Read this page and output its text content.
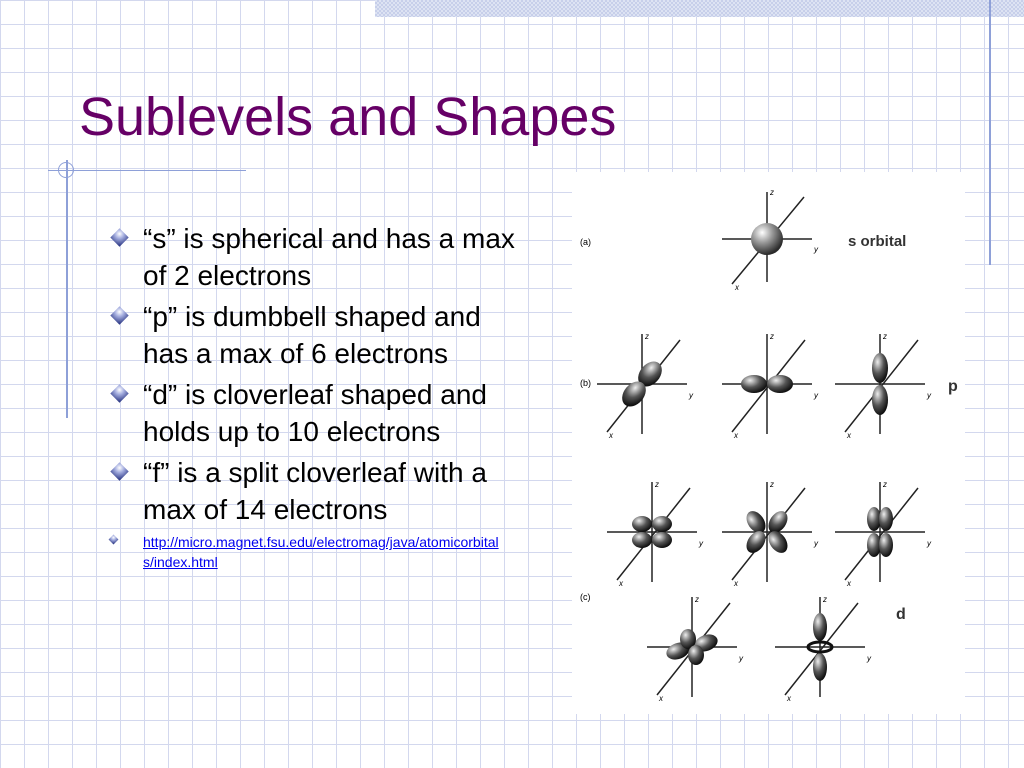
Sublevels and Shapes
“s” is spherical and has a max of 2 electrons
“p” is dumbbell shaped and has a max of 6 electrons
“d” is cloverleaf shaped and holds up to 10 electrons
“f” is a split cloverleaf with a max of 14 electrons
http://micro.magnet.fsu.edu/electromag/java/atomicorbitals/index.html
z
y
x
(a)	s orbital
(b)
z
y
x
z
y
x
z
y
x
p
z
y
x
z
y
x
z
y
x
(c)	z
y
x
z
y
x
d
